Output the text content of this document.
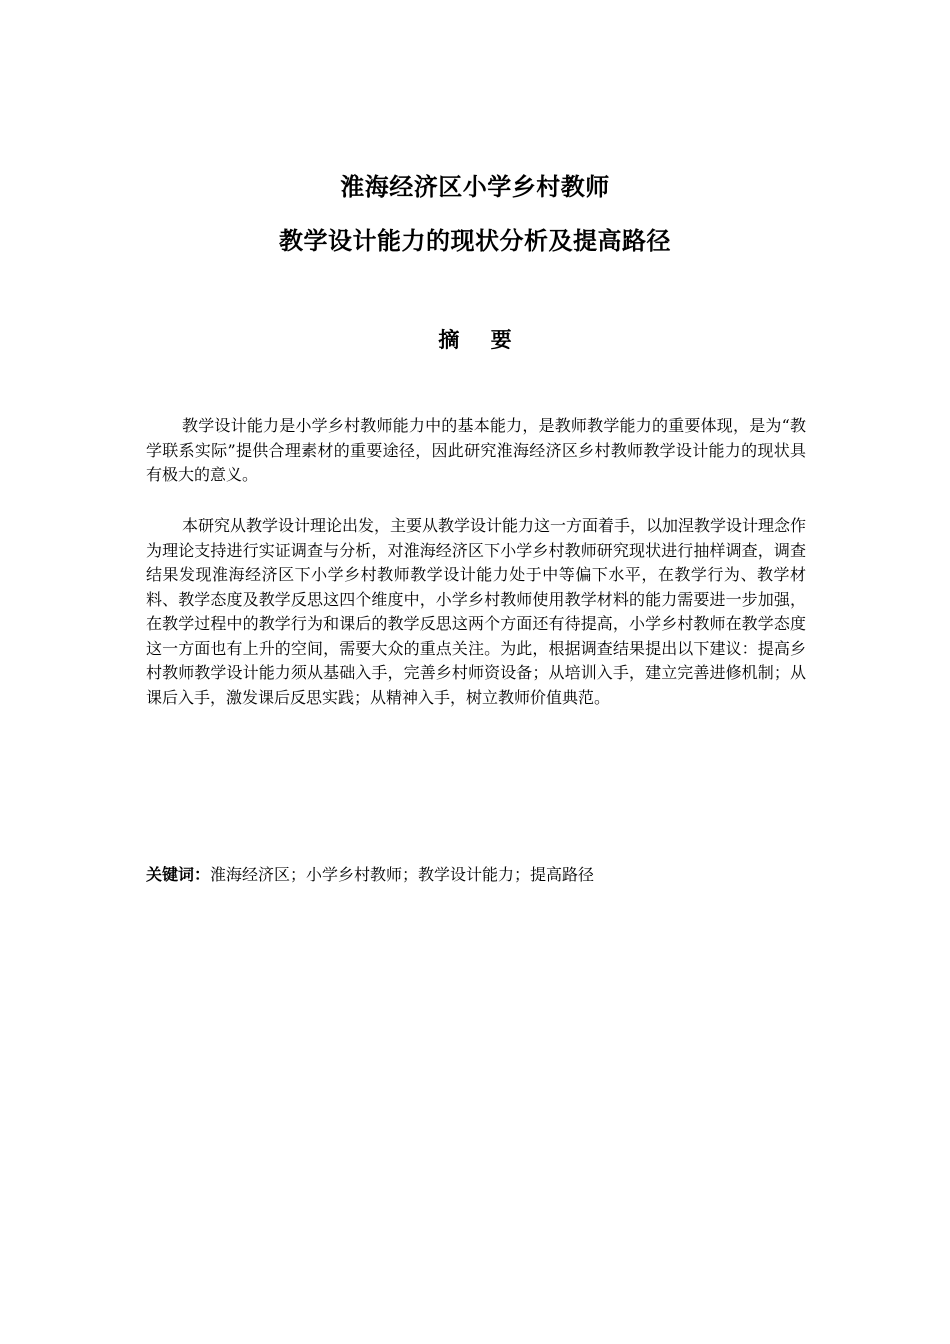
淮海经济区小学乡村教师
教学设计能力的现状分析及提高路径
摘 要

教学设计能力是小学乡村教师能力中的基本能力，是教师教学能力的重要体现，是为“教学联系实际”提供合理素材的重要途径，因此研究淮海经济区乡村教师教学设计能力的现状具有极大的意义。

本研究从教学设计理论出发，主要从教学设计能力这一方面着手，以加涅教学设计理念作为理论支持进行实证调查与分析，对淮海经济区下小学乡村教师研究现状进行抽样调查，调查结果发现淮海经济区下小学乡村教师教学设计能力处于中等偏下水平，在教学行为、教学材料、教学态度及教学反思这四个维度中，小学乡村教师使用教学材料的能力需要进一步加强，在教学过程中的教学行为和课后的教学反思这两个方面还有待提高，小学乡村教师在教学态度这一方面也有上升的空间，需要大众的重点关注。为此，根据调查结果提出以下建议：提高乡村教师教学设计能力须从基础入手，完善乡村师资设备；从培训入手，建立完善进修机制；从课后入手，激发课后反思实践；从精神入手，树立教师价值典范。

关键词：淮海经济区；小学乡村教师；教学设计能力；提高路径
